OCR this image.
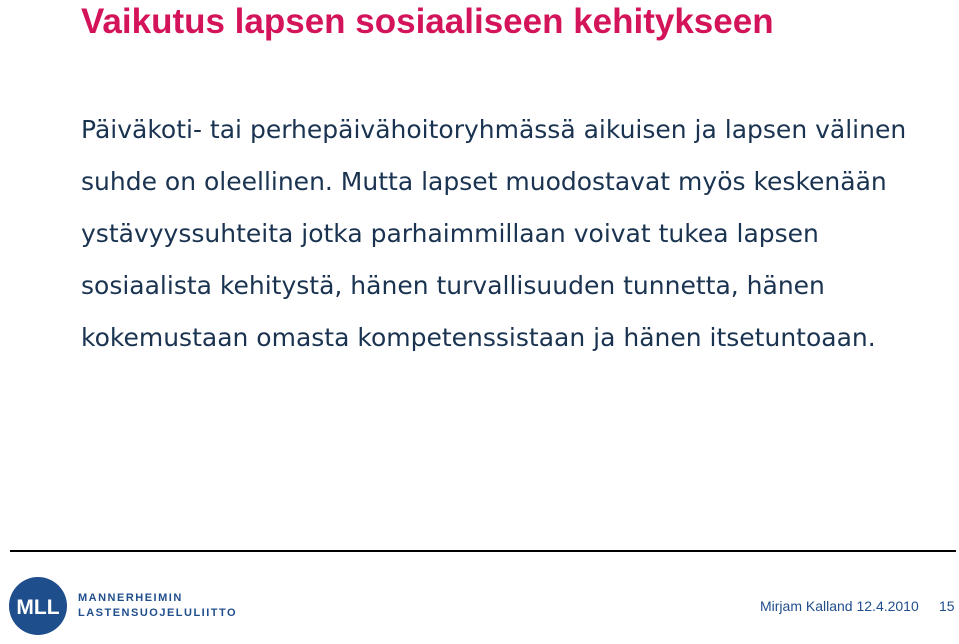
Vaikutus lapsen sosiaaliseen kehitykseen

Päiväkoti- tai perhepäivähoitoryhmässä aikuisen ja lapsen välinen suhde on oleellinen. Mutta lapset muodostavat myös keskenään ystävyyssuhteita jotka parhaimmillaan voivat tukea lapsen sosiaalista kehitystä, hänen turvallisuuden tunnetta, hänen kokemustaan omasta kompetenssistaan ja hänen itsetuntoaan.

MLL MANNERHEIMIN
LASTENSUOJELULIITTO	Mirjam Kalland 12.4.2010 15
